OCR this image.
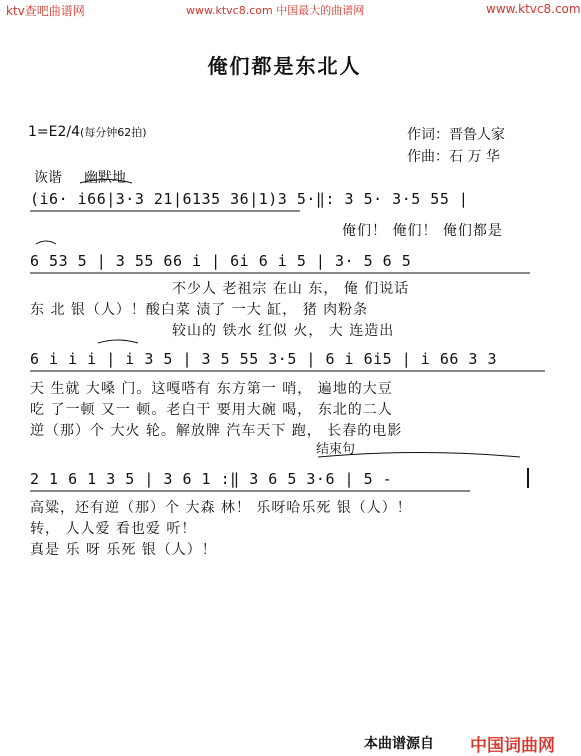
ktv查吧曲谱网	www.ktvc8.com 中国最大的曲谱网	www.ktvc8.com
俺们都是东北人
1=E2/4(每分钟62拍)	作词：晋鲁人家
作曲：石 万 华
诙谐 幽默地
(i6· i66|3·3 21|6135 36|1)3 5·‖: 3 5· 3·5 55 |
俺们！ 俺们！ 俺们都是
6 53 5 | 3 55 66 i | 6i 6 i 5 | 3· 5 6 5
不少人 老祖宗 在山 东， 俺 们说话
东 北 银（人）！酸白菜 渍了 一大 缸， 猪 肉粉条
较山的 铁水 红似 火， 大 连造出
6 i i i | i 3 5 | 3 5 55 3·5 | 6 i 6i5 | i 66 3 3
天 生就 大嗓 门。这嘎嗒有 东方第一 哨， 遍地的大豆
吃 了一顿 又一 顿。老白干 要用大碗 喝， 东北的二人
逆（那）个 大火 轮。解放牌 汽车天下 跑， 长春的电影
结束句
2 1 6 1 3 5 | 3 6 1 :‖ 3 6 5 3·6 | 5 -
高粱，还有逆（那）个 大森 林！ 乐呀哈乐死 银（人）！
转， 人人爱 看也爱 听！
真是 乐 呀 乐死 银（人）！
本曲谱源自 中国词曲网
